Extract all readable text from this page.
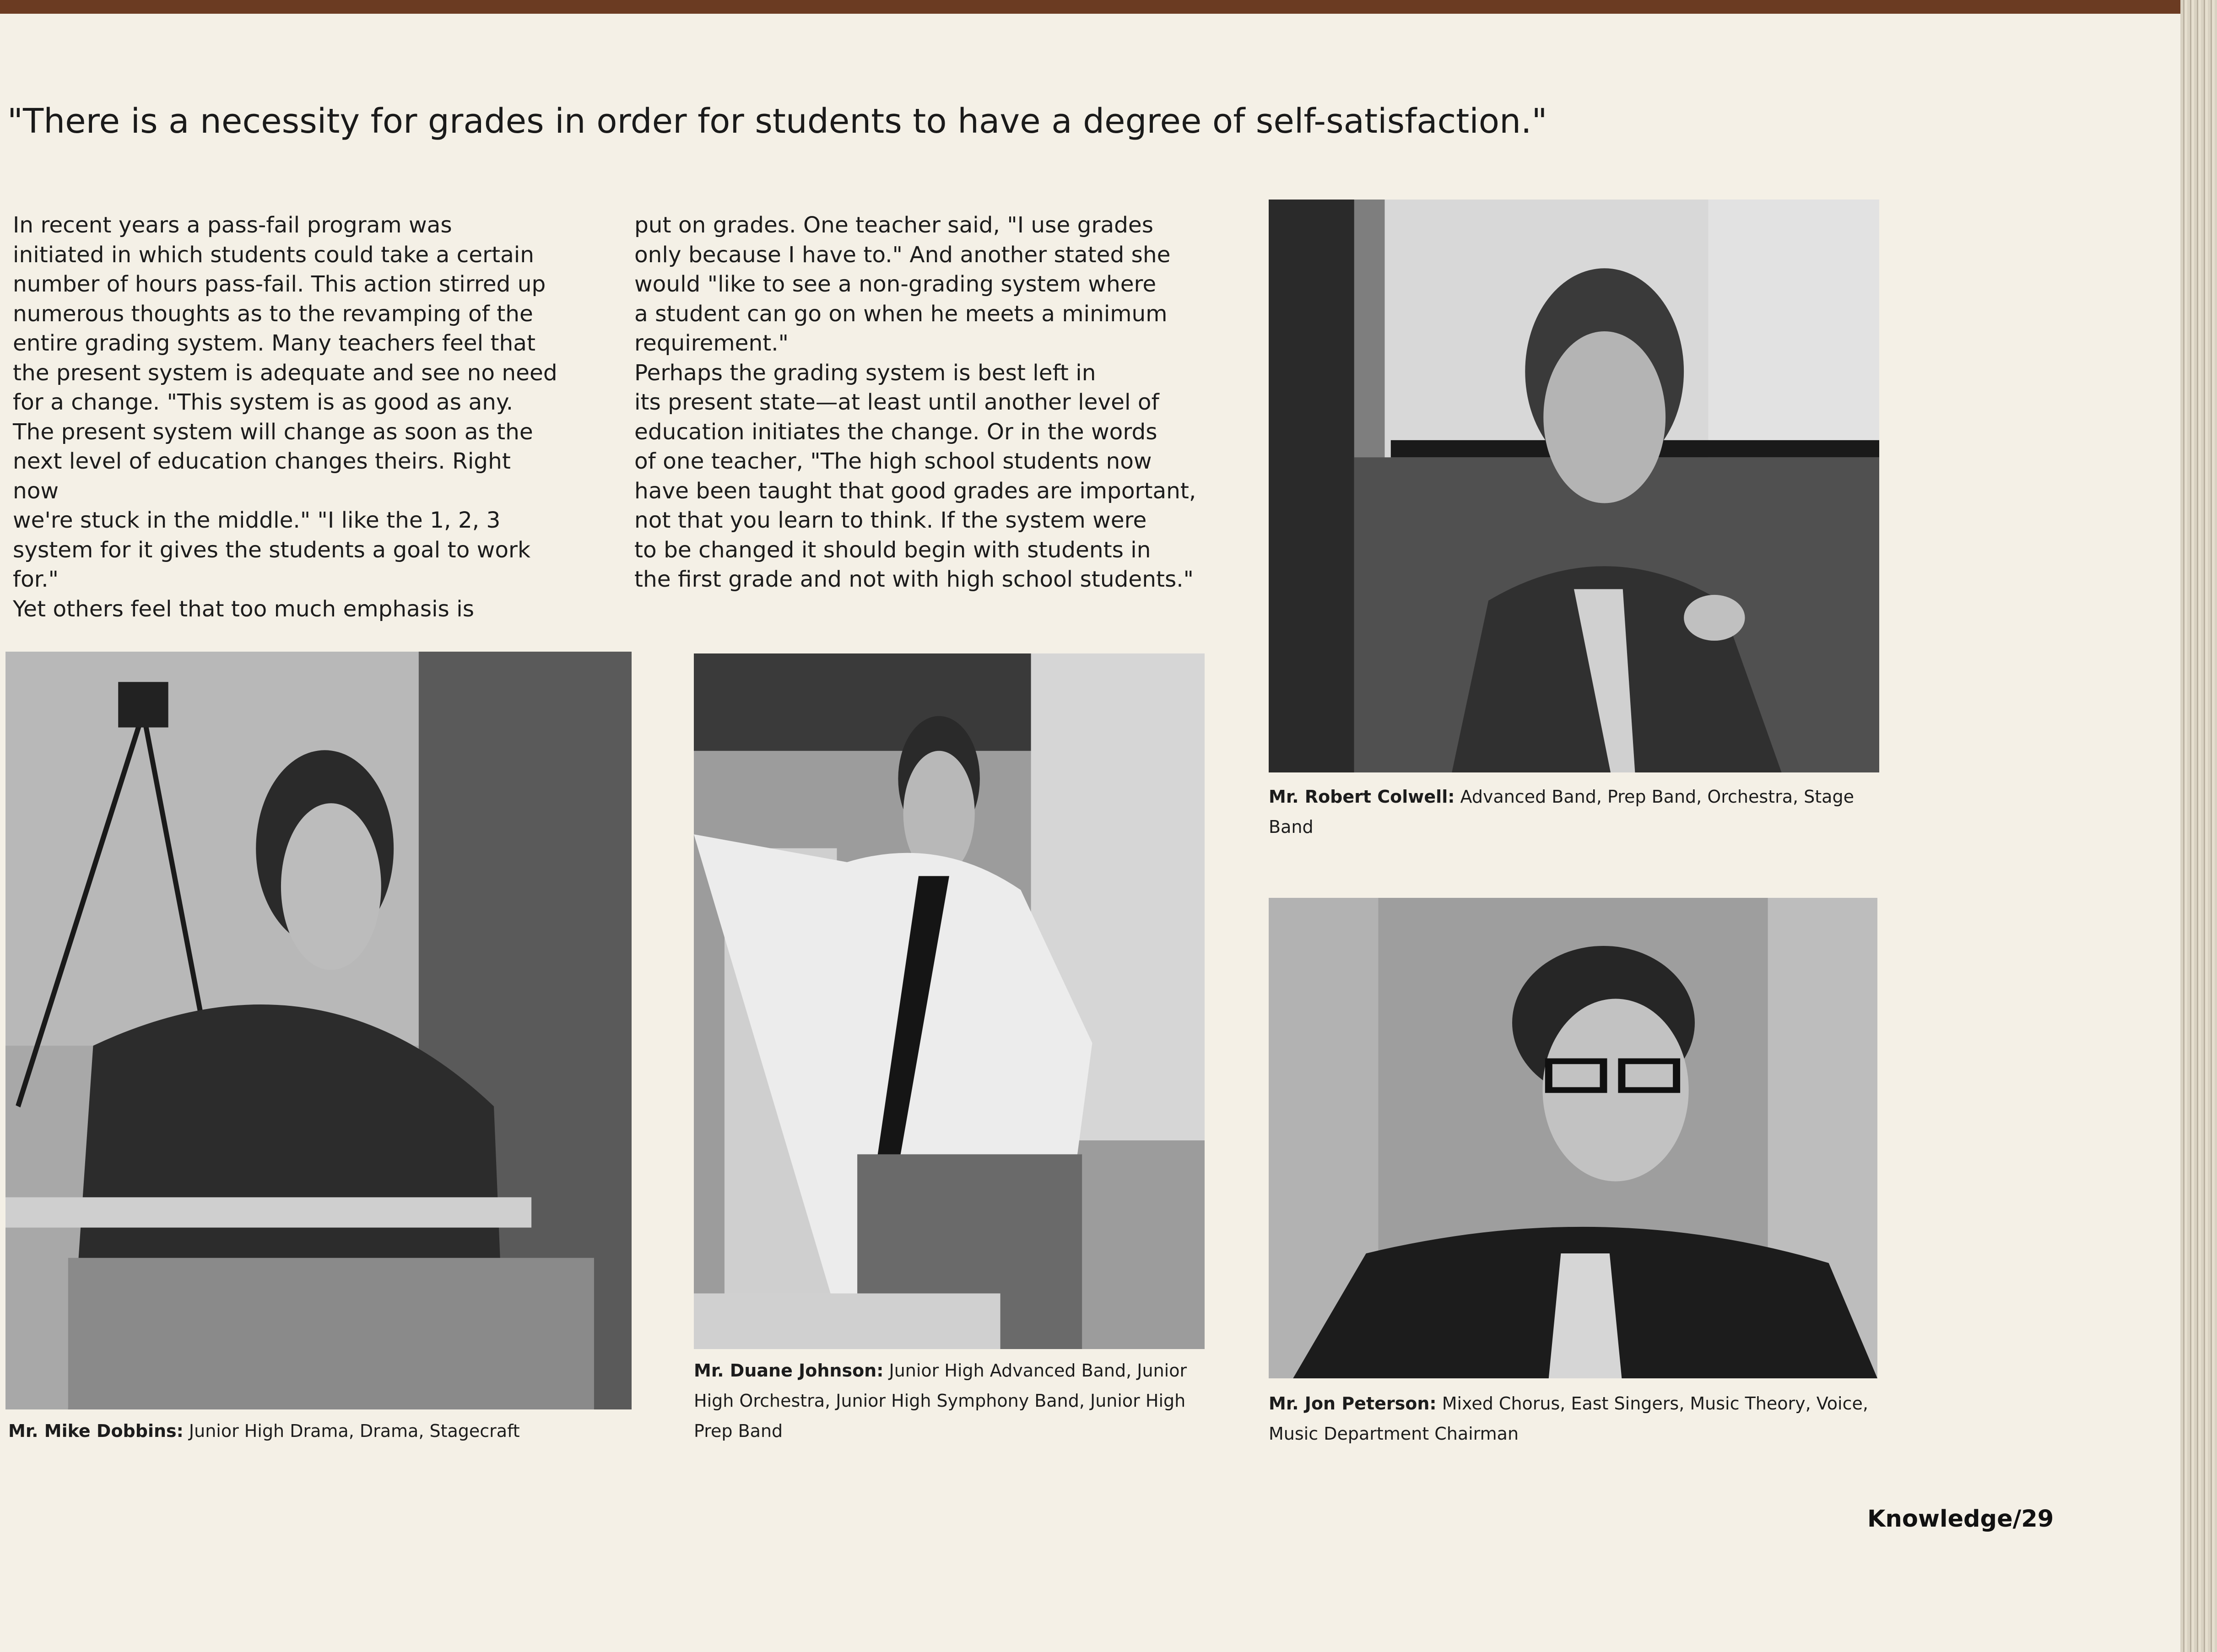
"There is a necessity for grades in order for students to have a degree of self-satisfaction."
In recent years a pass-fail program was
initiated in which students could take a certain
number of hours pass-fail. This action stirred up
numerous thoughts as to the revamping of the
entire grading system. Many teachers feel that
the present system is adequate and see no need
for a change. "This system is as good as any.
The present system will change as soon as the
next level of education changes theirs. Right now
we're stuck in the middle." "I like the 1, 2, 3
system for it gives the students a goal to work
for."
Yet others feel that too much emphasis is
put on grades. One teacher said, "I use grades
only because I have to." And another stated she
would "like to see a non-grading system where
a student can go on when he meets a minimum
requirement."
Perhaps the grading system is best left in
its present state—at least until another level of
education initiates the change. Or in the words
of one teacher, "The high school students now
have been taught that good grades are important,
not that you learn to think. If the system were
to be changed it should begin with students in
the first grade and not with high school students."
Mr. Robert Colwell: Advanced Band, Prep Band, Orchestra, Stage Band
Mr. Mike Dobbins: Junior High Drama, Drama, Stagecraft
Mr. Duane Johnson: Junior High Advanced Band, Junior High Orchestra, Junior High Symphony Band, Junior High Prep Band
Mr. Jon Peterson: Mixed Chorus, East Singers, Music Theory, Voice, Music Department Chairman
Knowledge/29
